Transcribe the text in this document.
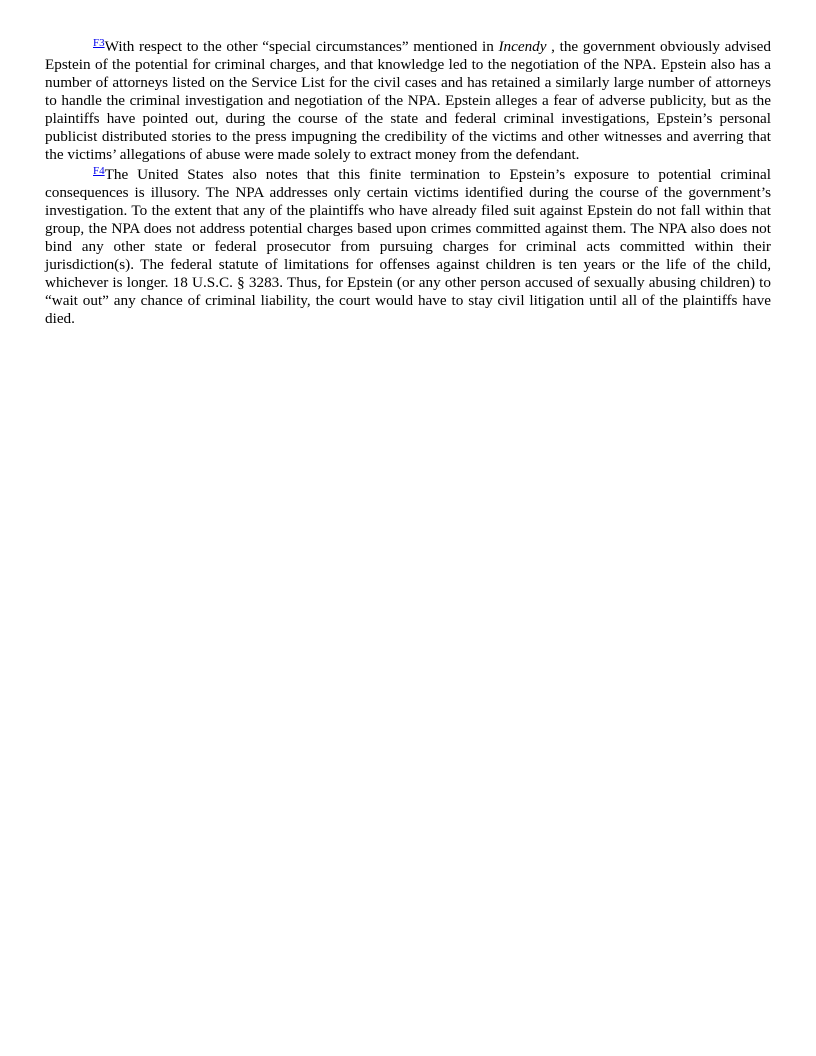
$^{F3}$With respect to the other “special circumstances” mentioned in Incendy , the government obviously advised Epstein of the potential for criminal charges, and that knowledge led to the negotiation of the NPA. Epstein also has a number of attorneys listed on the Service List for the civil cases and has retained a similarly large number of attorneys to handle the criminal investigation and negotiation of the NPA. Epstein alleges a fear of adverse publicity, but as the plaintiffs have pointed out, during the course of the state and federal criminal investigations, Epstein’s personal publicist distributed stories to the press impugning the credibility of the victims and other witnesses and averring that the victims’ allegations of abuse were made solely to extract money from the defendant.

$^{F4}$The United States also notes that this finite termination to Epstein’s exposure to potential criminal consequences is illusory. The NPA addresses only certain victims identified during the course of the government’s investigation. To the extent that any of the plaintiffs who have already filed suit against Epstein do not fall within that group, the NPA does not address potential charges based upon crimes committed against them. The NPA also does not bind any other state or federal prosecutor from pursuing charges for criminal acts committed within their jurisdiction(s). The federal statute of limitations for offenses against children is ten years or the life of the child, whichever is longer. 18 U.S.C. § 3283. Thus, for Epstein (or any other person accused of sexually abusing children) to “wait out” any chance of criminal liability, the court would have to stay civil litigation until all of the plaintiffs have died.
